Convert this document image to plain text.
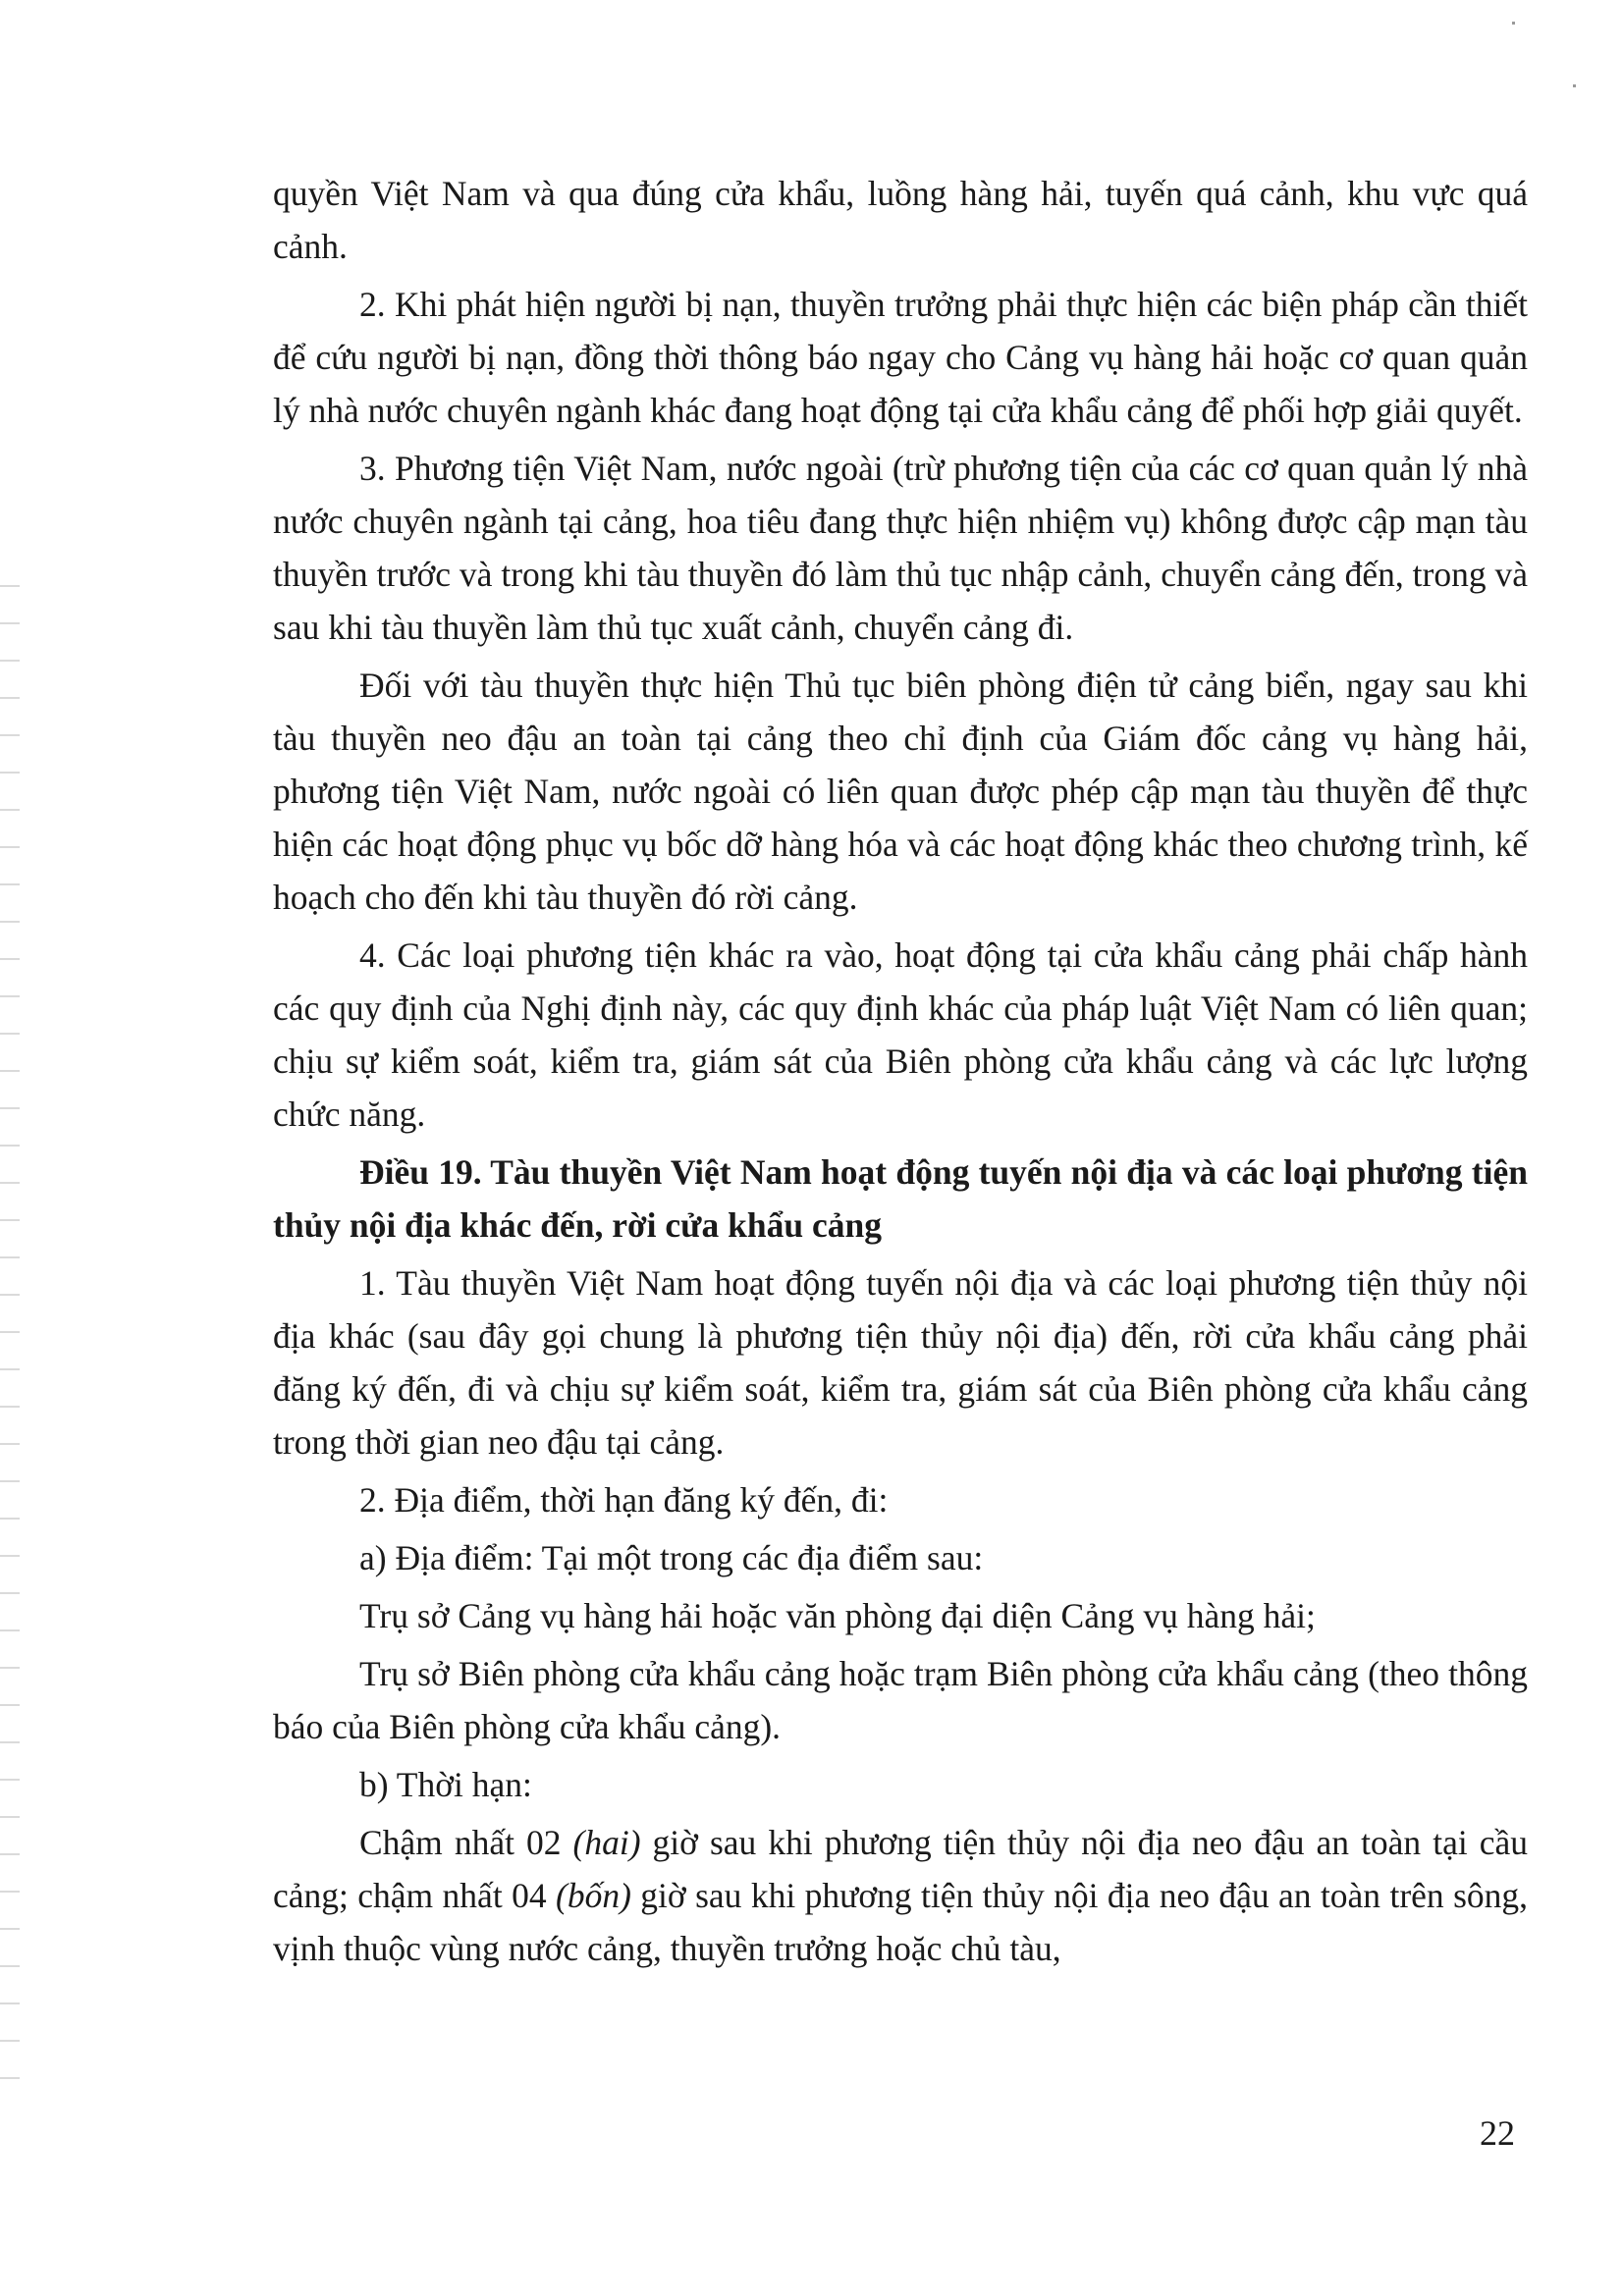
quyền Việt Nam và qua đúng cửa khẩu, luồng hàng hải, tuyến quá cảnh, khu vực quá cảnh.

2. Khi phát hiện người bị nạn, thuyền trưởng phải thực hiện các biện pháp cần thiết để cứu người bị nạn, đồng thời thông báo ngay cho Cảng vụ hàng hải hoặc cơ quan quản lý nhà nước chuyên ngành khác đang hoạt động tại cửa khẩu cảng để phối hợp giải quyết.

3. Phương tiện Việt Nam, nước ngoài (trừ phương tiện của các cơ quan quản lý nhà nước chuyên ngành tại cảng, hoa tiêu đang thực hiện nhiệm vụ) không được cập mạn tàu thuyền trước và trong khi tàu thuyền đó làm thủ tục nhập cảnh, chuyển cảng đến, trong và sau khi tàu thuyền làm thủ tục xuất cảnh, chuyển cảng đi.

Đối với tàu thuyền thực hiện Thủ tục biên phòng điện tử cảng biển, ngay sau khi tàu thuyền neo đậu an toàn tại cảng theo chỉ định của Giám đốc cảng vụ hàng hải, phương tiện Việt Nam, nước ngoài có liên quan được phép cập mạn tàu thuyền để thực hiện các hoạt động phục vụ bốc dỡ hàng hóa và các hoạt động khác theo chương trình, kế hoạch cho đến khi tàu thuyền đó rời cảng.

4. Các loại phương tiện khác ra vào, hoạt động tại cửa khẩu cảng phải chấp hành các quy định của Nghị định này, các quy định khác của pháp luật Việt Nam có liên quan; chịu sự kiểm soát, kiểm tra, giám sát của Biên phòng cửa khẩu cảng và các lực lượng chức năng.

Điều 19. Tàu thuyền Việt Nam hoạt động tuyến nội địa và các loại phương tiện thủy nội địa khác đến, rời cửa khẩu cảng

1. Tàu thuyền Việt Nam hoạt động tuyến nội địa và các loại phương tiện thủy nội địa khác (sau đây gọi chung là phương tiện thủy nội địa) đến, rời cửa khẩu cảng phải đăng ký đến, đi và chịu sự kiểm soát, kiểm tra, giám sát của Biên phòng cửa khẩu cảng trong thời gian neo đậu tại cảng.

2. Địa điểm, thời hạn đăng ký đến, đi:

a) Địa điểm: Tại một trong các địa điểm sau:

Trụ sở Cảng vụ hàng hải hoặc văn phòng đại diện Cảng vụ hàng hải;

Trụ sở Biên phòng cửa khẩu cảng hoặc trạm Biên phòng cửa khẩu cảng (theo thông báo của Biên phòng cửa khẩu cảng).

b) Thời hạn:

Chậm nhất 02 (hai) giờ sau khi phương tiện thủy nội địa neo đậu an toàn tại cầu cảng; chậm nhất 04 (bốn) giờ sau khi phương tiện thủy nội địa neo đậu an toàn trên sông, vịnh thuộc vùng nước cảng, thuyền trưởng hoặc chủ tàu,

22
